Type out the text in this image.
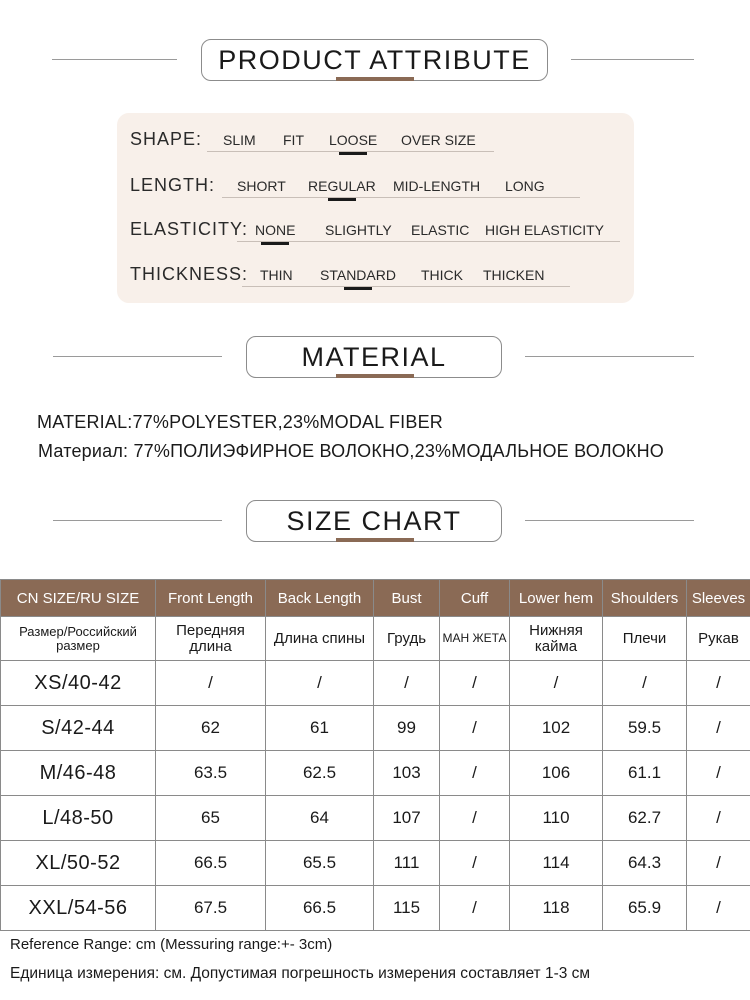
PRODUCT ATTRIBUTE
SHAPE: SLIM FIT LOOSE OVER SIZE
LENGTH: SHORT REGULAR MID-LENGTH LONG
ELASTICITY: NONE SLIGHTLY ELASTIC HIGH ELASTICITY
THICKNESS: THIN STANDARD THICK THICKEN
MATERIAL
MATERIAL:77%POLYESTER,23%MODAL FIBER
Материал: 77%ПОЛИЭФИРНОЕ ВОЛОКНО,23%МОДАЛЬНОЕ ВОЛОКНО
SIZE CHART
CN SIZE/RU SIZE	Front Length	Back Length	Bust	Cuff	Lower hem	Shoulders	Sleeves
Размер/Российский размер	Передняя длина	Длина спины	Грудь	МАН ЖЕТА	Нижняя кайма	Плечи	Рукав
XS/40-42	/	/	/	/	/	/	/
S/42-44	62	61	99	/	102	59.5	/
M/46-48	63.5	62.5	103	/	106	61.1	/
L/48-50	65	64	107	/	110	62.7	/
XL/50-52	66.5	65.5	111	/	114	64.3	/
XXL/54-56	67.5	66.5	115	/	118	65.9	/
Reference Range: cm (Messuring range:+- 3cm)
Единица измерения: см. Допустимая погрешность измерения составляет 1-3 см
